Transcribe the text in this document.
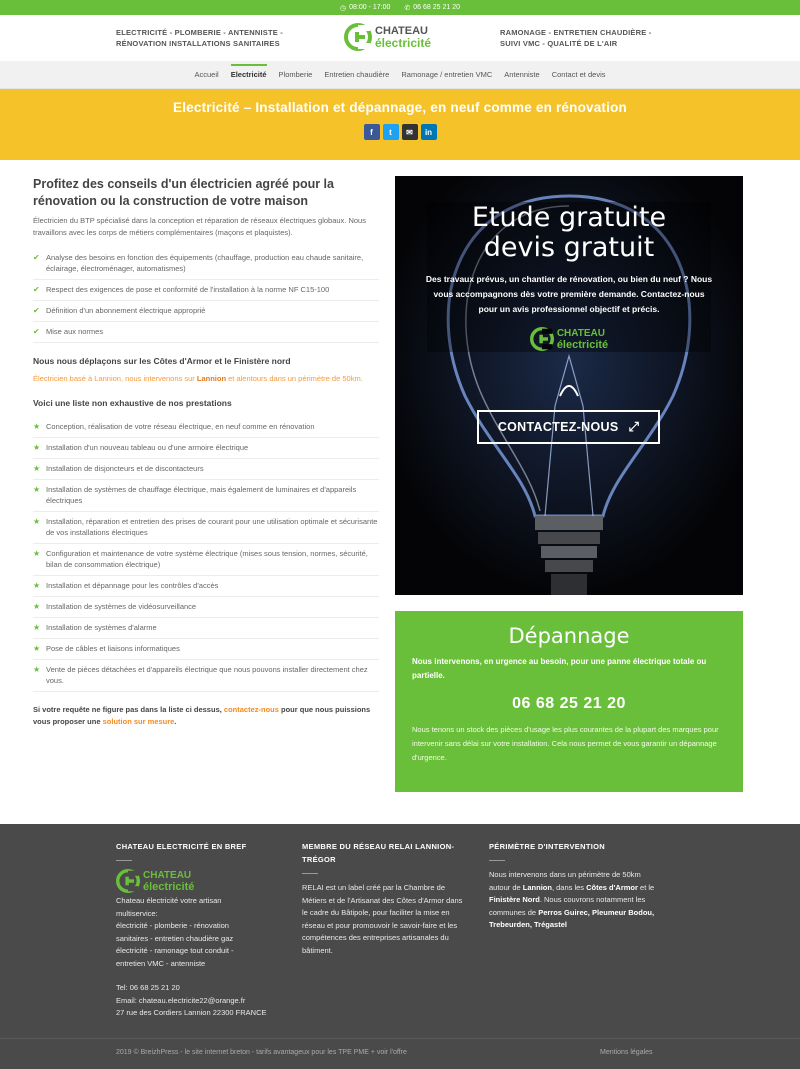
◷ 08:00 - 17:00 ✆ 06 68 25 21 20
ELECTRICITÉ - PLOMBERIE - ANTENNISTE -
RÉNOVATION INSTALLATIONS SANITAIRES
CHATEAU
électricité
RAMONAGE - ENTRETIEN CHAUDIÈRE -
SUIVI VMC - QUALITÉ DE L'AIR
Accueil	Electricité	Plomberie	Entretien chaudière	Ramonage / entretien VMC	Antenniste	Contact et devis
Electricité – Installation et dépannage, en neuf comme en rénovation
f	t	✉	in
Profitez des conseils d'un électricien agréé pour la rénovation ou la construction de votre maison

Électricien du BTP spécialisé dans la conception et réparation de réseaux électriques globaux. Nous travaillons avec les corps de métiers complémentaires (maçons et plaquistes).

✔ Analyse des besoins en fonction des équipements (chauffage, production eau chaude sanitaire, éclairage, électroménager, automatismes)
✔ Respect des exigences de pose et conformité de l'installation à la norme NF C15-100
✔ Définition d'un abonnement électrique approprié
✔ Mise aux normes
Nous nous déplaçons sur les Côtes d'Armor et le Finistère nord

Électricien basé à Lannion, nous intervenons sur Lannion et alentours dans un périmètre de 50km.

Voici une liste non exhaustive de nos prestations
★ Conception, réalisation de votre réseau électrique, en neuf comme en rénovation
★ Installation d'un nouveau tableau ou d'une armoire électrique
★ Installation de disjoncteurs et de discontacteurs
★ Installation de systèmes de chauffage électrique, mais également de luminaires et d'appareils électriques
★ Installation, réparation et entretien des prises de courant pour une utilisation optimale et sécurisante de vos installations électriques
★ Configuration et maintenance de votre système électrique (mises sous tension, normes, sécurité, bilan de consommation électrique)
★ Installation et dépannage pour les contrôles d'accès
★ Installation de systèmes de vidéosurveillance
★ Installation de systèmes d'alarme
★ Pose de câbles et liaisons informatiques
★ Vente de pièces détachées et d'appareils électrique que nous pouvons installer directement chez vous.

Si votre requête ne figure pas dans la liste ci dessus, contactez-nous pour que nous puissions vous proposer une solution sur mesure.

Etude gratuite
devis gratuit
Des travaux prévus, un chantier de rénovation, ou bien du neuf ? Nous vous accompagnons dès votre première demande. Contactez-nous pour un avis professionnel objectif et précis.
CHATEAU
électricité
CONTACTEZ-NOUS ⤢
Dépannage

Nous intervenons, en urgence au besoin, pour une panne électrique totale ou partielle.

06 68 25 21 20

Nous tenons un stock des pièces d'usage les plus courantes de la plupart des marques pour intervenir sans délai sur votre installation. Cela nous permet de vous garantir un dépannage d'urgence.

CHATEAU ELECTRICITÉ EN BREF
CHATEAU
électricité
Chateau électricité votre artisan
multiservice:
électricité - plomberie - rénovation
sanitaires - entretien chaudière gaz
électricité - ramonage tout conduit -
entretien VMC - antenniste
Tel: 06 68 25 21 20
Email: chateau.electricite22@orange.fr
27 rue des Cordiers Lannion 22300 FRANCE
MEMBRE DU RÉSEAU RELAI LANNION-TRÉGOR

RELAI est un label créé par la Chambre de Métiers et de l'Artisanat des Côtes d'Armor dans le cadre du Bâtipole, pour faciliter la mise en réseau et pour promouvoir le savoir-faire et les compétences des entreprises artisanales du bâtiment.

PÉRIMÈTRE D'INTERVENTION

Nous intervenons dans un périmètre de 50km autour de Lannion, dans les Côtes d'Armor et le Finistère Nord. Nous couvrons notamment les communes de Perros Guirec, Pleumeur Bodou, Trebeurden, Trégastel

2019 © BreizhPress - le site internet breton - tarifs avantageux pour les TPE PME + voir l'offre	Mentions légales
